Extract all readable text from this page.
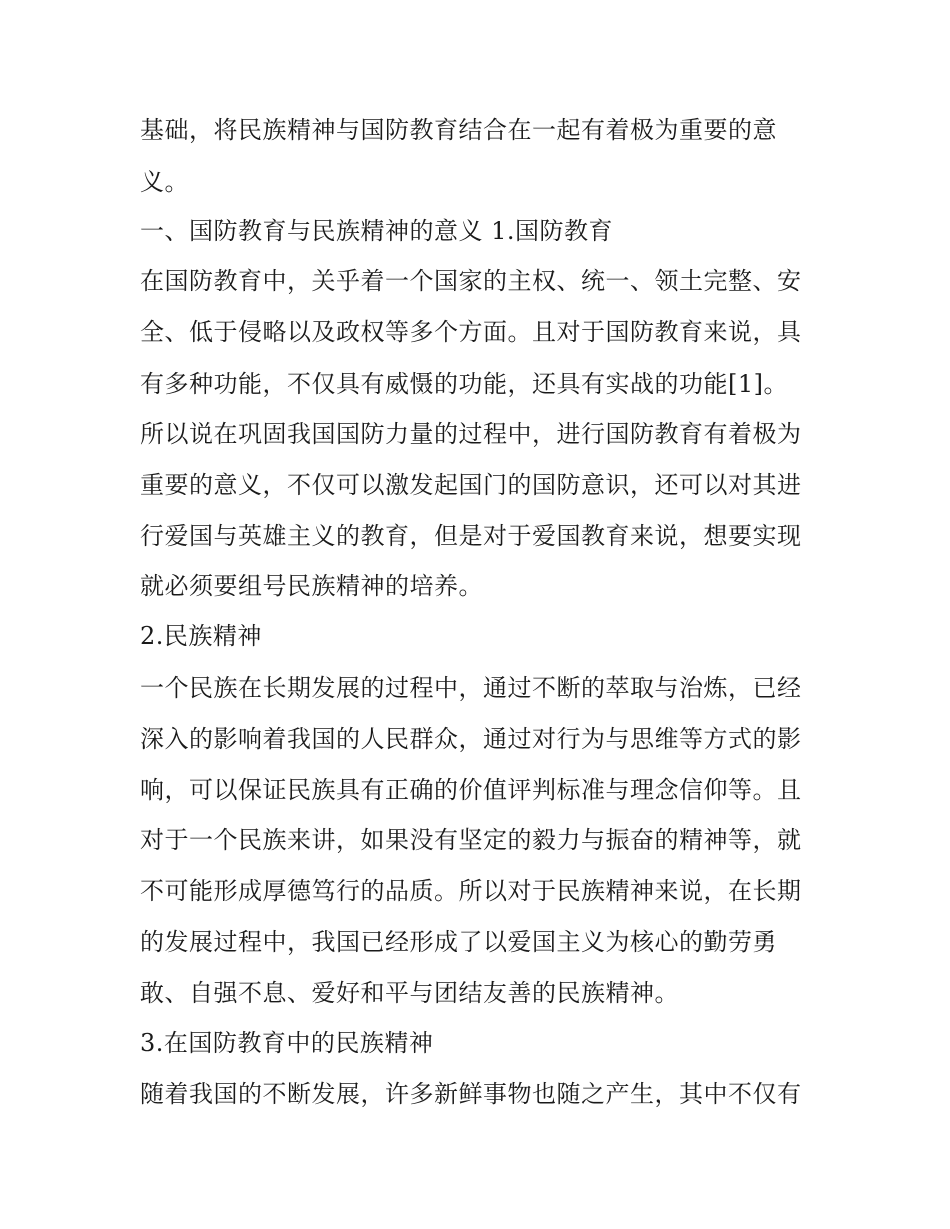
基础，将民族精神与国防教育结合在一起有着极为重要的意
义。
一、国防教育与民族精神的意义 1.国防教育
在国防教育中，关乎着一个国家的主权、统一、领土完整、安
全、低于侵略以及政权等多个方面。且对于国防教育来说，具
有多种功能，不仅具有威慑的功能，还具有实战的功能[1]。
所以说在巩固我国国防力量的过程中，进行国防教育有着极为
重要的意义，不仅可以激发起国门的国防意识，还可以对其进
行爱国与英雄主义的教育，但是对于爱国教育来说，想要实现
就必须要组号民族精神的培养。
2.民族精神
一个民族在长期发展的过程中，通过不断的萃取与治炼，已经
深入的影响着我国的人民群众，通过对行为与思维等方式的影
响，可以保证民族具有正确的价值评判标准与理念信仰等。且
对于一个民族来讲，如果没有坚定的毅力与振奋的精神等，就
不可能形成厚德笃行的品质。所以对于民族精神来说，在长期
的发展过程中，我国已经形成了以爱国主义为核心的勤劳勇
敢、自强不息、爱好和平与团结友善的民族精神。
3.在国防教育中的民族精神
随着我国的不断发展，许多新鲜事物也随之产生，其中不仅有
